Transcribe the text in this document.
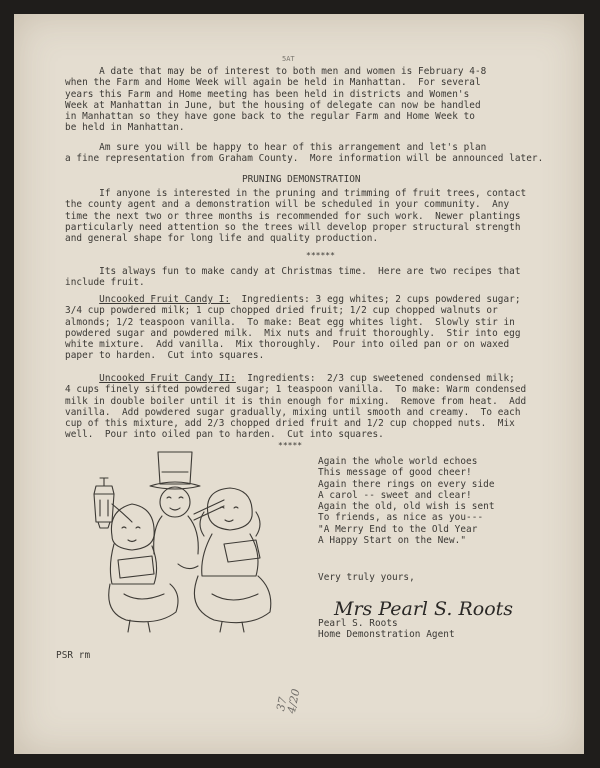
5AT
A date that may be of interest to both men and women is February 4-8
when the Farm and Home Week will again be held in Manhattan.  For several
years this Farm and Home meeting has been held in districts and Women's
Week at Manhattan in June, but the housing of delegate can now be handled
in Manhattan so they have gone back to the regular Farm and Home Week to
be held in Manhattan.
Am sure you will be happy to hear of this arrangement and let's plan
a fine representation from Graham County.  More information will be announced later.
PRUNING DEMONSTRATION
If anyone is interested in the pruning and trimming of fruit trees, contact
the county agent and a demonstration will be scheduled in your community.  Any
time the next two or three months is recommended for such work.  Newer plantings
particularly need attention so the trees will develop proper structural strength
and general shape for long life and quality production.
******
Its always fun to make candy at Christmas time.  Here are two recipes that
include fruit.
Uncooked Fruit Candy I:  Ingredients: 3 egg whites; 2 cups powdered sugar;
3/4 cup powdered milk; 1 cup chopped dried fruit; 1/2 cup chopped walnuts or
almonds; 1/2 teaspoon vanilla.  To make: Beat egg whites light.  Slowly stir in
powdered sugar and powdered milk.  Mix nuts and fruit thoroughly.  Stir into egg
white mixture.  Add vanilla.  Mix thoroughly.  Pour into oiled pan or on waxed
paper to harden.  Cut into squares.
Uncooked Fruit Candy II:  Ingredients:  2/3 cup sweetened condensed milk;
4 cups finely sifted powdered sugar; 1 teaspoon vanilla.  To make: Warm condensed
milk in double boiler until it is thin enough for mixing.  Remove from heat.  Add
vanilla.  Add powdered sugar gradually, mixing until smooth and creamy.  To each
cup of this mixture, add 2/3 chopped dried fruit and 1/2 cup chopped nuts.  Mix
well.  Pour into oiled pan to harden.  Cut into squares.
*****
Again the whole world echoes
This message of good cheer!
Again there rings on every side
A carol -- sweet and clear!
Again the old, old wish is sent
To friends, as nice as you---
"A Merry End to the Old Year
A Happy Start on the New."
Very truly yours,
Mrs Pearl S. Roots
Pearl S. Roots
Home Demonstration Agent
PSR rm
37
4/20
